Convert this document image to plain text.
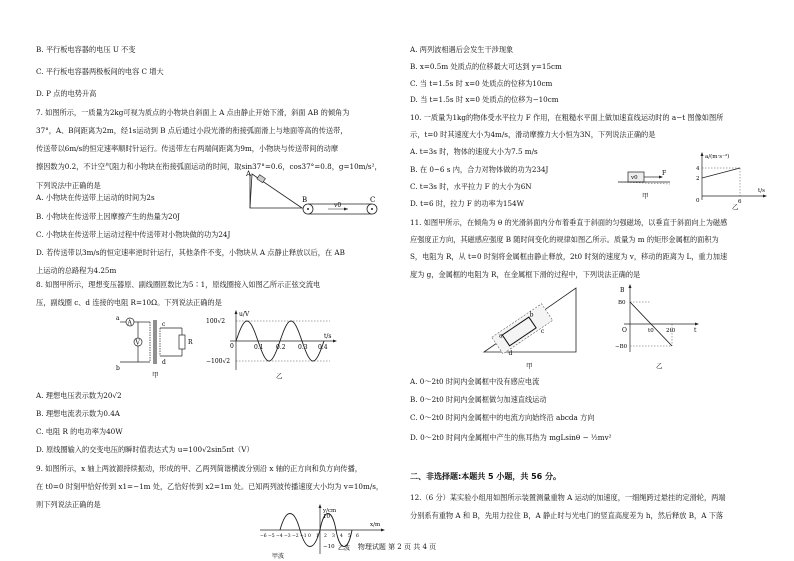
B. 平行板电容器的电压 U 不变
C. 平行板电容器两极板间的电容 C 增大
D. P 点的电势升高
7. 如图所示，一质量为2kg可视为质点的小物块自斜面上 A 点由静止开始下滑，斜面 AB 的倾角为
37°，A、B间距离为2m，经1s运动到 B 点后通过小段光滑的衔接弧面滑上与地面等高的传送带，
传送带以6m/s的恒定速率顺时针运行。传送带左右两端间距离为9m，小物块与传送带间的动摩
擦因数为0.2，不计空气阻力和小物块在衔接弧面运动的时间，取sin37°=0.6，cos37°=0.8，g=10m/s²，
下列说法中正确的是
A. 小物块在传送带上运动的时间为2s
B. 小物块在传送带上因摩擦产生的热量为20J
C. 小物块在传送带上运动过程中传送带对小物块做的功为24J
D. 若传送带以3m/s的恒定速率逆时针运行，其他条件不变，小物块从 A 点静止释放以后，在 AB
上运动的总路程为4.25m
8. 如图甲所示，理想变压器原、副线圈匝数比为5∶1，原线圈接入如图乙所示正弦交流电
压，副线圈 c、d 连接的电阻 R=10Ω。下列说法正确的是
A. 理想电压表示数为20√2
B. 理想电流表示数为0.4A
C. 电阻 R 的电功率为40W
D. 原线圈输入的交变电压的瞬时值表达式为 u=100√2sin5πt（V）
9. 如图所示，x 轴上两波源持续振动，形成的甲、乙两列简谐横波分别沿 x 轴的正方向和负方向传播，
在 t0=0 时刻甲恰好传到 x1=−1m 处，乙恰好传到 x2=1m 处。已知两列波传播速度大小均为 v=10m/s，
则下列说法正确的是
A
B	C
v0
A
V	R
a
b
c
d
甲
u/V
100√2
−100√2
0	0.1 0.2 0.3 0.4
t/s
乙
y/cm
10
−10
x/m
甲波
乙波
−6 −5 −4 −3 −2 −1 0 1 2 3 4 5 6
A. 两列波相遇后会发生干涉现象
B. x=0.5m 处质点的位移最大可达到 y=15cm
C. 当 t=1.5s 时 x=0 处质点的位移为10cm
D. 当 t=1.5s 时 x=0 处质点的位移为−10cm
10. 一质量为1kg的物体受水平拉力 F 作用，在粗糙水平面上做加速直线运动时的 a−t 图像如图所
示，t=0 时其速度大小为4m/s，滑动摩擦力大小恒为3N，下列说法正确的是
A. t=3s 时，物体的速度大小为7.5 m/s
B. 在 0~6 s 内，合力对物体做的功为234J
C. t=3s 时，水平拉力 F 的大小为6N
D. t=6 时，拉力 F 的功率为154W
11. 如图甲所示，在倾角为 θ 的光滑斜面内分布着垂直于斜面的匀强磁场，以垂直于斜面向上为磁感
应强度正方向，其磁感应强度 B 随时间变化的规律如图乙所示。质量为 m 的矩形金属框的面积为
S，电阻为 R，从 t=0 时刻将金属框由静止释放，2t0 时刻的速度为 v，移动的距离为 L，重力加速
度为 g，金属框的电阻为 R，在金属框下滑的过程中，下列说法正确的是
A. 0～2t0 时间内金属框中没有感应电流
B. 0～2t0 时间内金属框做匀加速直线运动
C. 0～2t0 时间内金属框中的电流方向始终沿 abcda 方向
D. 0～2t0 时间内金属框中产生的焦耳热为 mgLsinθ − ½mv²
二、非选择题:本题共 5 小题，共 56 分。
12.（6 分）某实验小组用如图所示装置测量重物 A 运动的加速度，一细绳跨过悬挂的定滑轮，两端
分别系有重物 A 和 B，先用力拉住 B，A 静止时与光电门的竖直高度差为 h，然后释放 B，A 下落
v0
F
甲
a/(m·s⁻²)
4
2
0	6
t/s
乙
a
b
c
d
甲
B
B0
−B0
O	t0 2t0	t
乙
物理试题 第 2 页 共 4 页
